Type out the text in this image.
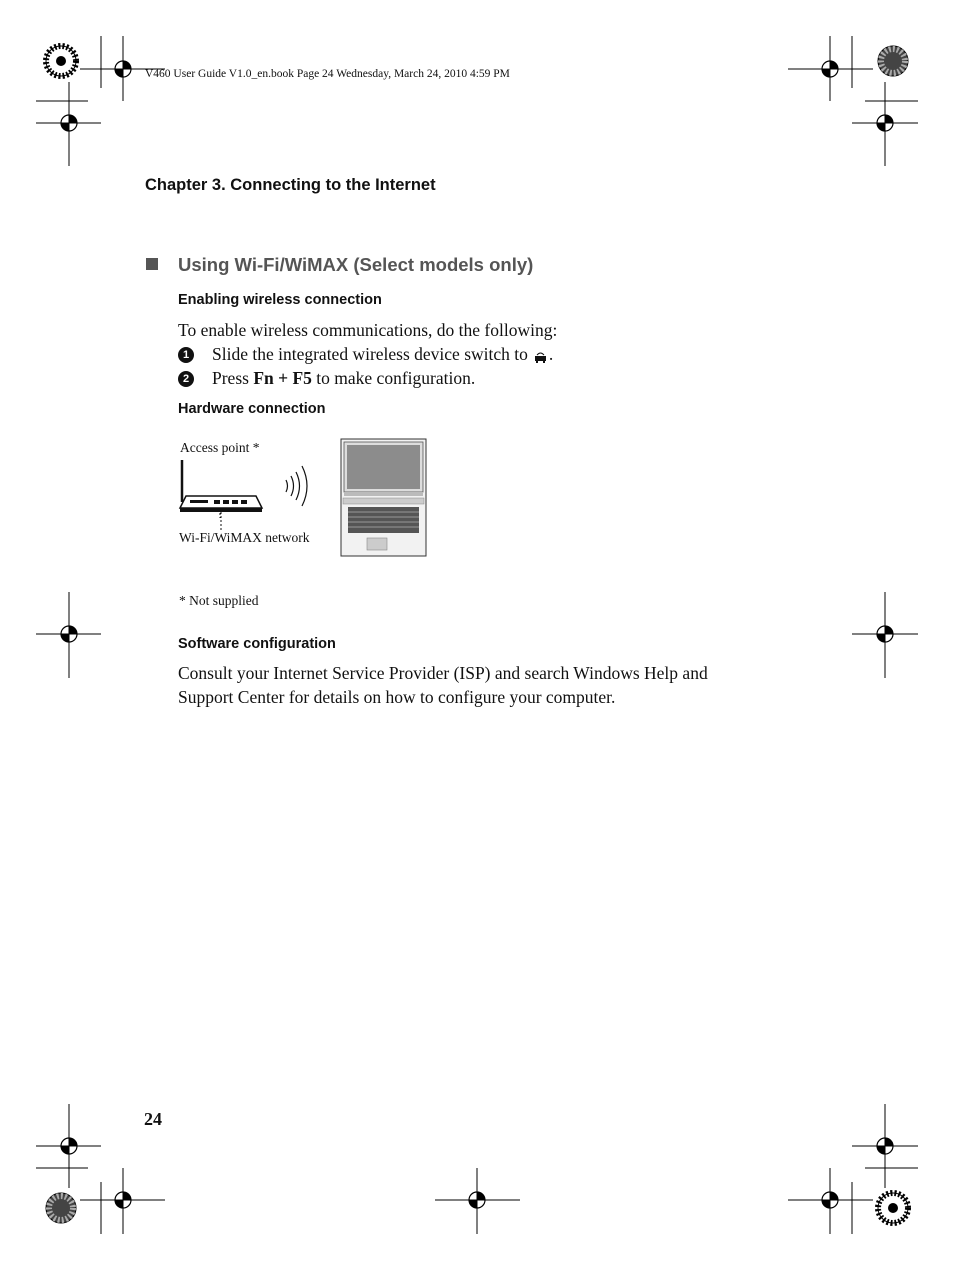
V460 User Guide V1.0_en.book Page 24 Wednesday, March 24, 2010 4:59 PM
Chapter 3. Connecting to the Internet
Using Wi-Fi/WiMAX (Select models only)
Enabling wireless connection
To enable wireless communications, do the following:
1 Slide the integrated wireless device switch to .
2 Press Fn + F5 to make configuration.
Hardware connection
Access point *
Wi-Fi/WiMAX network
* Not supplied
Software configuration
Consult your Internet Service Provider (ISP) and search Windows Help and
Support Center for details on how to configure your computer.
24
